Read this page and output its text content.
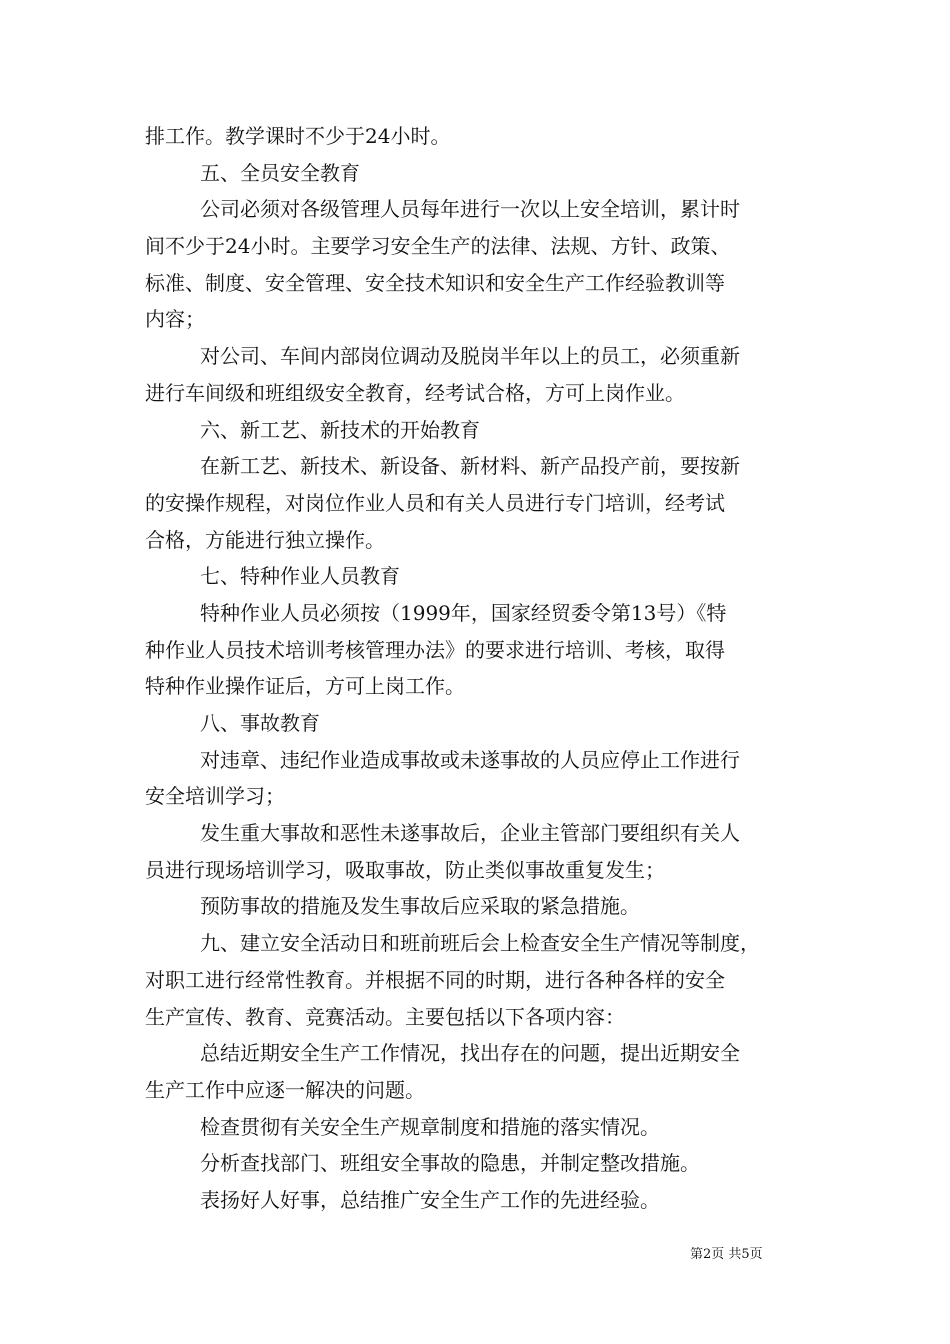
排工作。教学课时不少于24小时。
五、全员安全教育
公司必须对各级管理人员每年进行一次以上安全培训，累计时
间不少于24小时。主要学习安全生产的法律、法规、方针、政策、
标准、制度、安全管理、安全技术知识和安全生产工作经验教训等
内容；
对公司、车间内部岗位调动及脱岗半年以上的员工，必须重新
进行车间级和班组级安全教育，经考试合格，方可上岗作业。
六、新工艺、新技术的开始教育
在新工艺、新技术、新设备、新材料、新产品投产前，要按新
的安操作规程，对岗位作业人员和有关人员进行专门培训，经考试
合格，方能进行独立操作。
七、特种作业人员教育
特种作业人员必须按（1999年，国家经贸委令第13号）《特
种作业人员技术培训考核管理办法》的要求进行培训、考核，取得
特种作业操作证后，方可上岗工作。
八、事故教育
对违章、违纪作业造成事故或未遂事故的人员应停止工作进行
安全培训学习；
发生重大事故和恶性未遂事故后，企业主管部门要组织有关人
员进行现场培训学习，吸取事故，防止类似事故重复发生；
预防事故的措施及发生事故后应采取的紧急措施。
九、建立安全活动日和班前班后会上检查安全生产情况等制度，
对职工进行经常性教育。并根据不同的时期，进行各种各样的安全
生产宣传、教育、竞赛活动。主要包括以下各项内容：
总结近期安全生产工作情况，找出存在的问题，提出近期安全
生产工作中应逐一解决的问题。
检查贯彻有关安全生产规章制度和措施的落实情况。
分析查找部门、班组安全事故的隐患，并制定整改措施。
表扬好人好事，总结推广安全生产工作的先进经验。
第2页 共5页
